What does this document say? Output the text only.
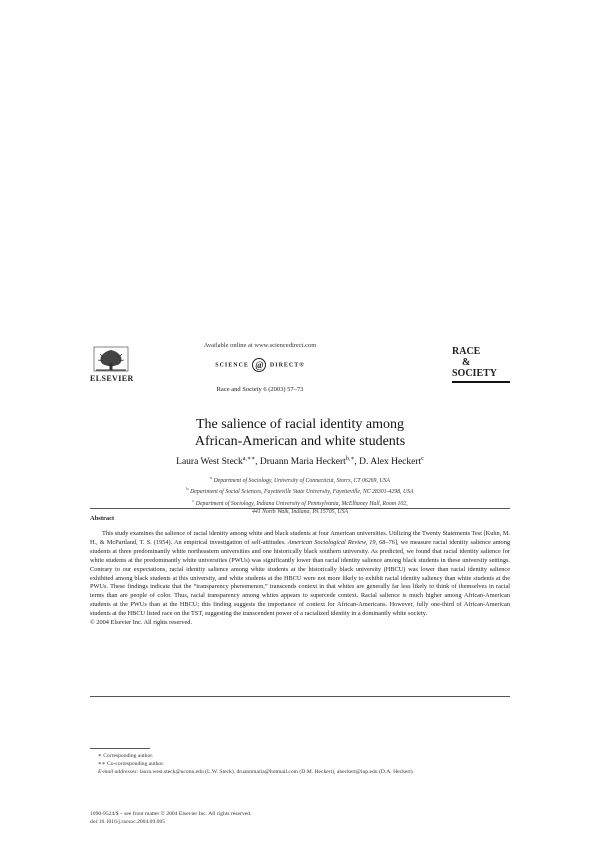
ELSEVIER
Available online at www.sciencedirect.com
SCIENCE @ DIRECT®
Race and Society 6 (2003) 57–73
RACE
&
SOCIETY
The salience of racial identity among
African-American and white students
Laura West Steck$^{a,∗∗}$, Druann Maria Heckert$^{b,∗}$, D. Alex Heckert$^c$
$^a$ Department of Sociology, University of Connecticut, Storrs, CT 06269, USA
$^b$ Department of Social Sciences, Fayetteville State University, Fayetteville, NC 28301-4298, USA
$^c$ Department of Sociology, Indiana University of Pennsylvania, McElhaney Hall, Room 102,
441 North Walk, Indiana, PA 15705, USA
Abstract

This study examines the salience of racial identity among white and black students at four American universities. Utilizing the Twenty Statements Test [Kuhn, M. H., & McPartland, T. S. (1954). An empirical investigation of self-attitudes. American Sociological Review, 19, 68–76], we measure racial identity salience among students at three predominantly white northeastern universities and one historically black southern university. As predicted, we found that racial identity salience for white students at the predominantly white universities (PWUs) was significantly lower than racial identity salience among black students in these university settings. Contrary to our expectations, racial identity salience among white students at the historically black university (HBCU) was lower than racial identity salience exhibited among black students at this university, and white students at the HBCU were not more likely to exhibit racial identity saliency than white students at the PWUs. These findings indicate that the “transparency phenomenon,” transcends context in that whites are generally far less likely to think of themselves in racial terms than are people of color. Thus, racial transparency among whites appears to supercede context. Racial salience is much higher among African-American students at the PWUs than at the HBCU; this finding suggests the importance of context for African-Americans. However, fully one-third of African-American students at the HBCU listed race on the TST, suggesting the transcendent power of a racialized identity in a dominantly white society.

© 2004 Elsevier Inc. All rights reserved.

∗ Corresponding author.
∗∗ Co-corresponding author.
E-mail addresses: laura.west.steck@uconn.edu (L.W. Steck), druannmaria@hotmail.com (D.M. Heckert), aheckert@iup.edu (D.A. Heckert).
1090-9524/$ – see front matter © 2004 Elsevier Inc. All rights reserved.
doi:10.1016/j.racsoc.2004.09.005
